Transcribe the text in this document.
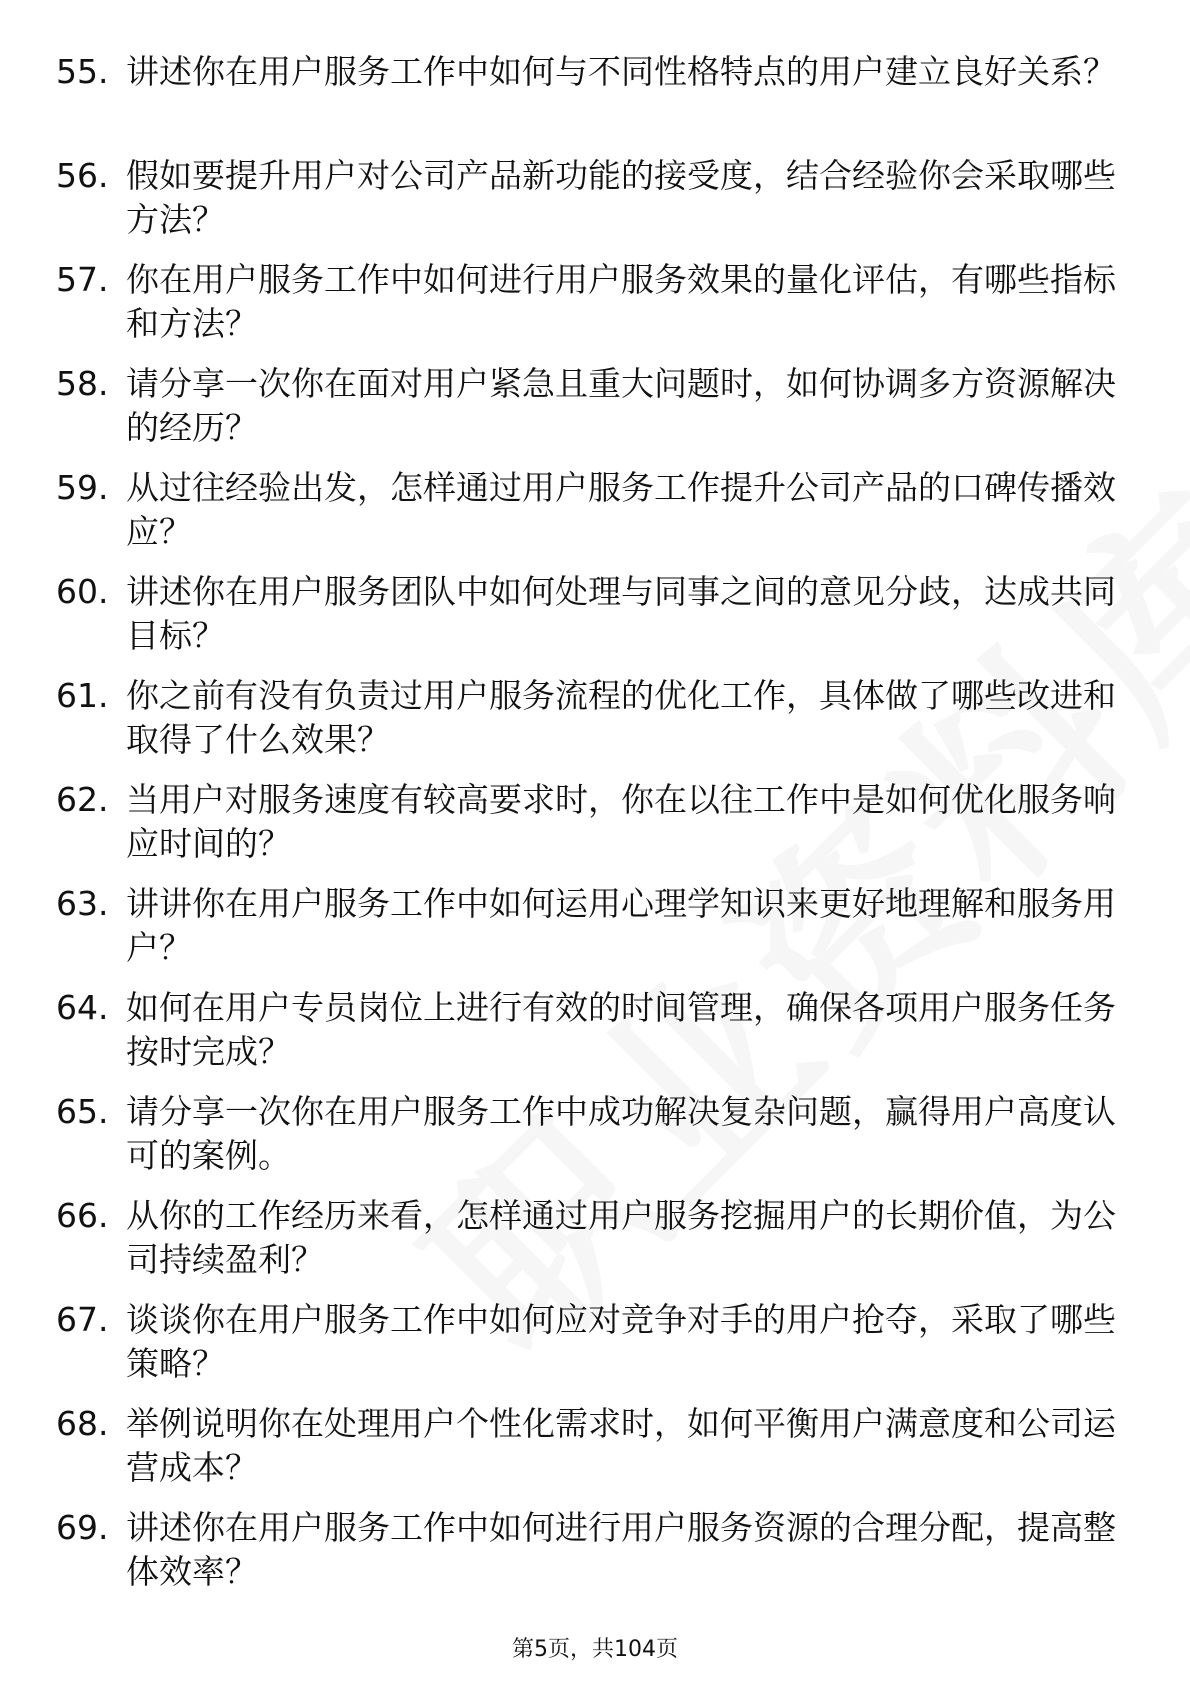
55. 讲述你在用户服务工作中如何与不同性格特点的用户建立良好关系？
56. 假如要提升用户对公司产品新功能的接受度，结合经验你会采取哪些方法？
57. 你在用户服务工作中如何进行用户服务效果的量化评估，有哪些指标和方法？
58. 请分享一次你在面对用户紧急且重大问题时，如何协调多方资源解决的经历？
59. 从过往经验出发，怎样通过用户服务工作提升公司产品的口碑传播效应？
60. 讲述你在用户服务团队中如何处理与同事之间的意见分歧，达成共同目标？
61. 你之前有没有负责过用户服务流程的优化工作，具体做了哪些改进和取得了什么效果？
62. 当用户对服务速度有较高要求时，你在以往工作中是如何优化服务响应时间的？
63. 讲讲你在用户服务工作中如何运用心理学知识来更好地理解和服务用户？
64. 如何在用户专员岗位上进行有效的时间管理，确保各项用户服务任务按时完成？
65. 请分享一次你在用户服务工作中成功解决复杂问题，赢得用户高度认可的案例。
66. 从你的工作经历来看，怎样通过用户服务挖掘用户的长期价值，为公司持续盈利？
67. 谈谈你在用户服务工作中如何应对竞争对手的用户抢夺，采取了哪些策略？
68. 举例说明你在处理用户个性化需求时，如何平衡用户满意度和公司运营成本？
69. 讲述你在用户服务工作中如何进行用户服务资源的合理分配，提高整体效率？
第5页，共104页
